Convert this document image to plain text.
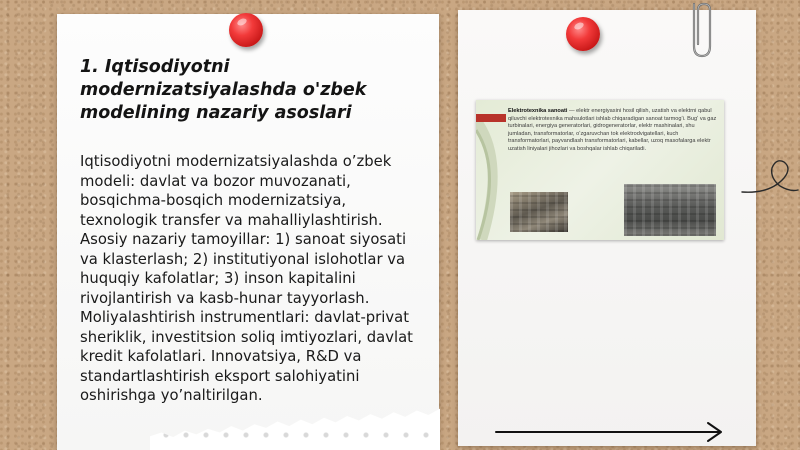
1. Iqtisodiyotni modernizatsiyalashda o'zbek modelining nazariy asoslari
Iqtisodiyotni modernizatsiyalashda o’zbek modeli: davlat va bozor muvozanati, bosqichma-bosqich modernizatsiya, texnologik transfer va mahalliylashtirish. Asosiy nazariy tamoyillar: 1) sanoat siyosati va klasterlash; 2) institutiyonal islohotlar va huquqiy kafolatlar; 3) inson kapitalini rivojlantirish va kasb-hunar tayyorlash. Moliyalashtirish instrumentlari: davlat-privat sheriklik, investitsion soliq imtiyozlari, davlat kredit kafolatlari. Innovatsiya, R&D va standartlashtirish eksport salohiyatini oshirishga yo’naltirilgan.
Elektrotexnika sanoati — elektr energiyasini hosil qilish, uzatish va elektrni qabul qiluvchi elektrotexnika mahsulotlari ishlab chiqaradigan sanoat tarmogʻi. Bugʻ va gaz turbinalari, energiya generatorlari, gidrogeneratorlar, elektr mashinalari, shu jumladan, transformatorlar, oʻzgaruvchan tok elektrodvigatellari, kuch transformatorlari, payvandlash transformatorlari, kabellar, uzoq masofalarga elektr uzatish liniyalari jihozlari va boshqalar ishlab chiqariladi.
